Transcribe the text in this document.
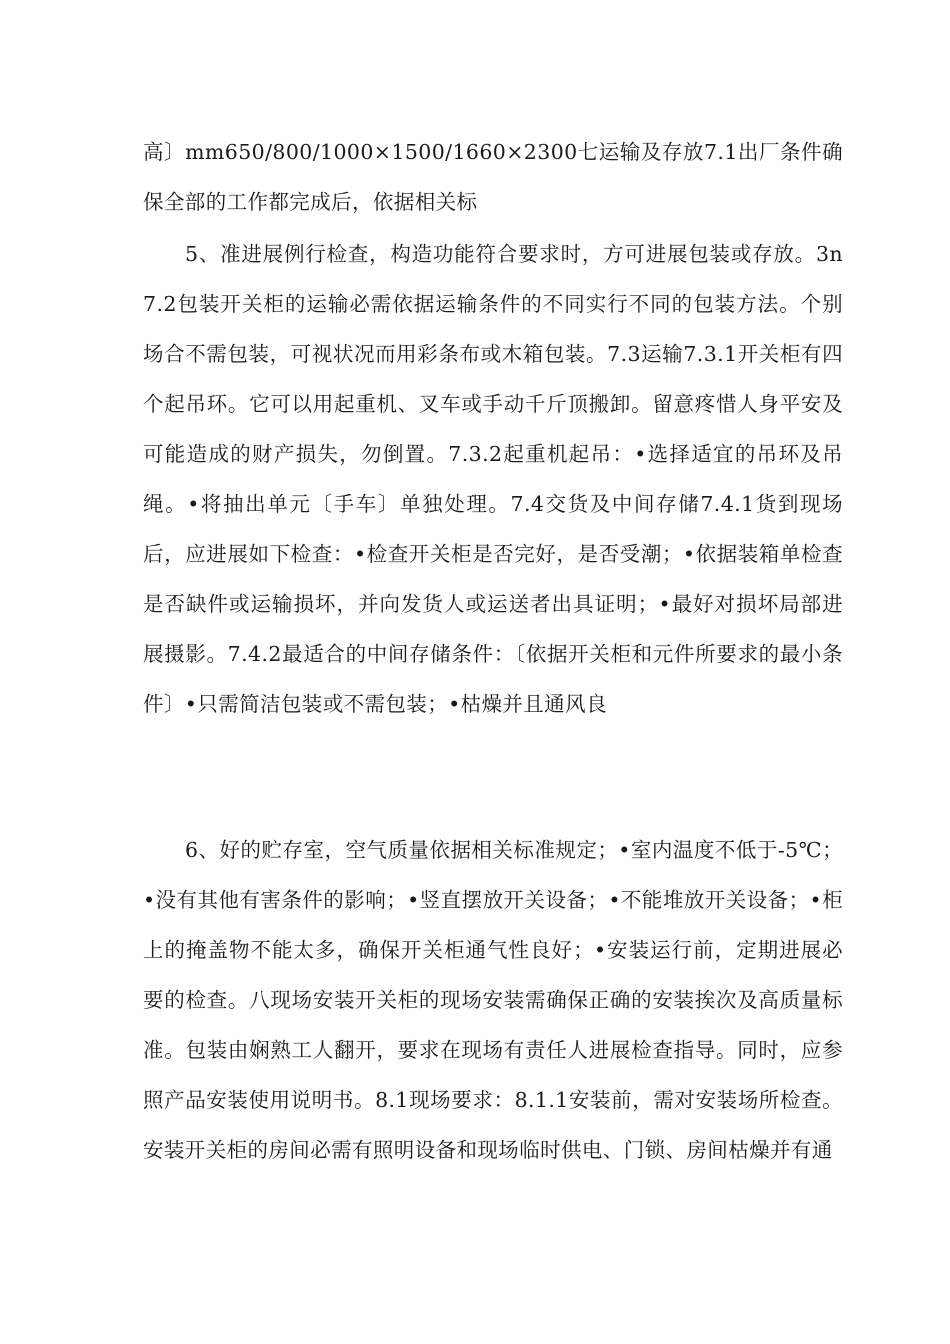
高〕mm650/800/1000×1500/1660×2300七运输及存放7.1出厂条件确保全部的工作都完成后，依据相关标

5、准进展例行检查，构造功能符合要求时，方可进展包装或存放。3n7.2包装开关柜的运输必需依据运输条件的不同实行不同的包装方法。个别场合不需包装，可视状况而用彩条布或木箱包装。7.3运输7.3.1开关柜有四个起吊环。它可以用起重机、叉车或手动千斤顶搬卸。留意疼惜人身平安及可能造成的财产损失，勿倒置。7.3.2起重机起吊：•选择适宜的吊环及吊绳。•将抽出单元〔手车〕单独处理。7.4交货及中间存储7.4.1货到现场后，应进展如下检查：•检查开关柜是否完好，是否受潮；•依据装箱单检查是否缺件或运输损坏，并向发货人或运送者出具证明；•最好对损坏局部进展摄影。7.4.2最适合的中间存储条件：〔依据开关柜和元件所要求的最小条件〕•只需简洁包装或不需包装；•枯燥并且通风良

6、好的贮存室，空气质量依据相关标准规定；•室内温度不低于-5℃；•没有其他有害条件的影响；•竖直摆放开关设备；•不能堆放开关设备；•柜上的掩盖物不能太多，确保开关柜通气性良好；•安装运行前，定期进展必要的检查。八现场安装开关柜的现场安装需确保正确的安装挨次及高质量标准。包装由娴熟工人翻开，要求在现场有责任人进展检查指导。同时，应参照产品安装使用说明书。8.1现场要求：8.1.1安装前，需对安装场所检查。安装开关柜的房间必需有照明设备和现场临时供电、门锁、房间枯燥并有通
